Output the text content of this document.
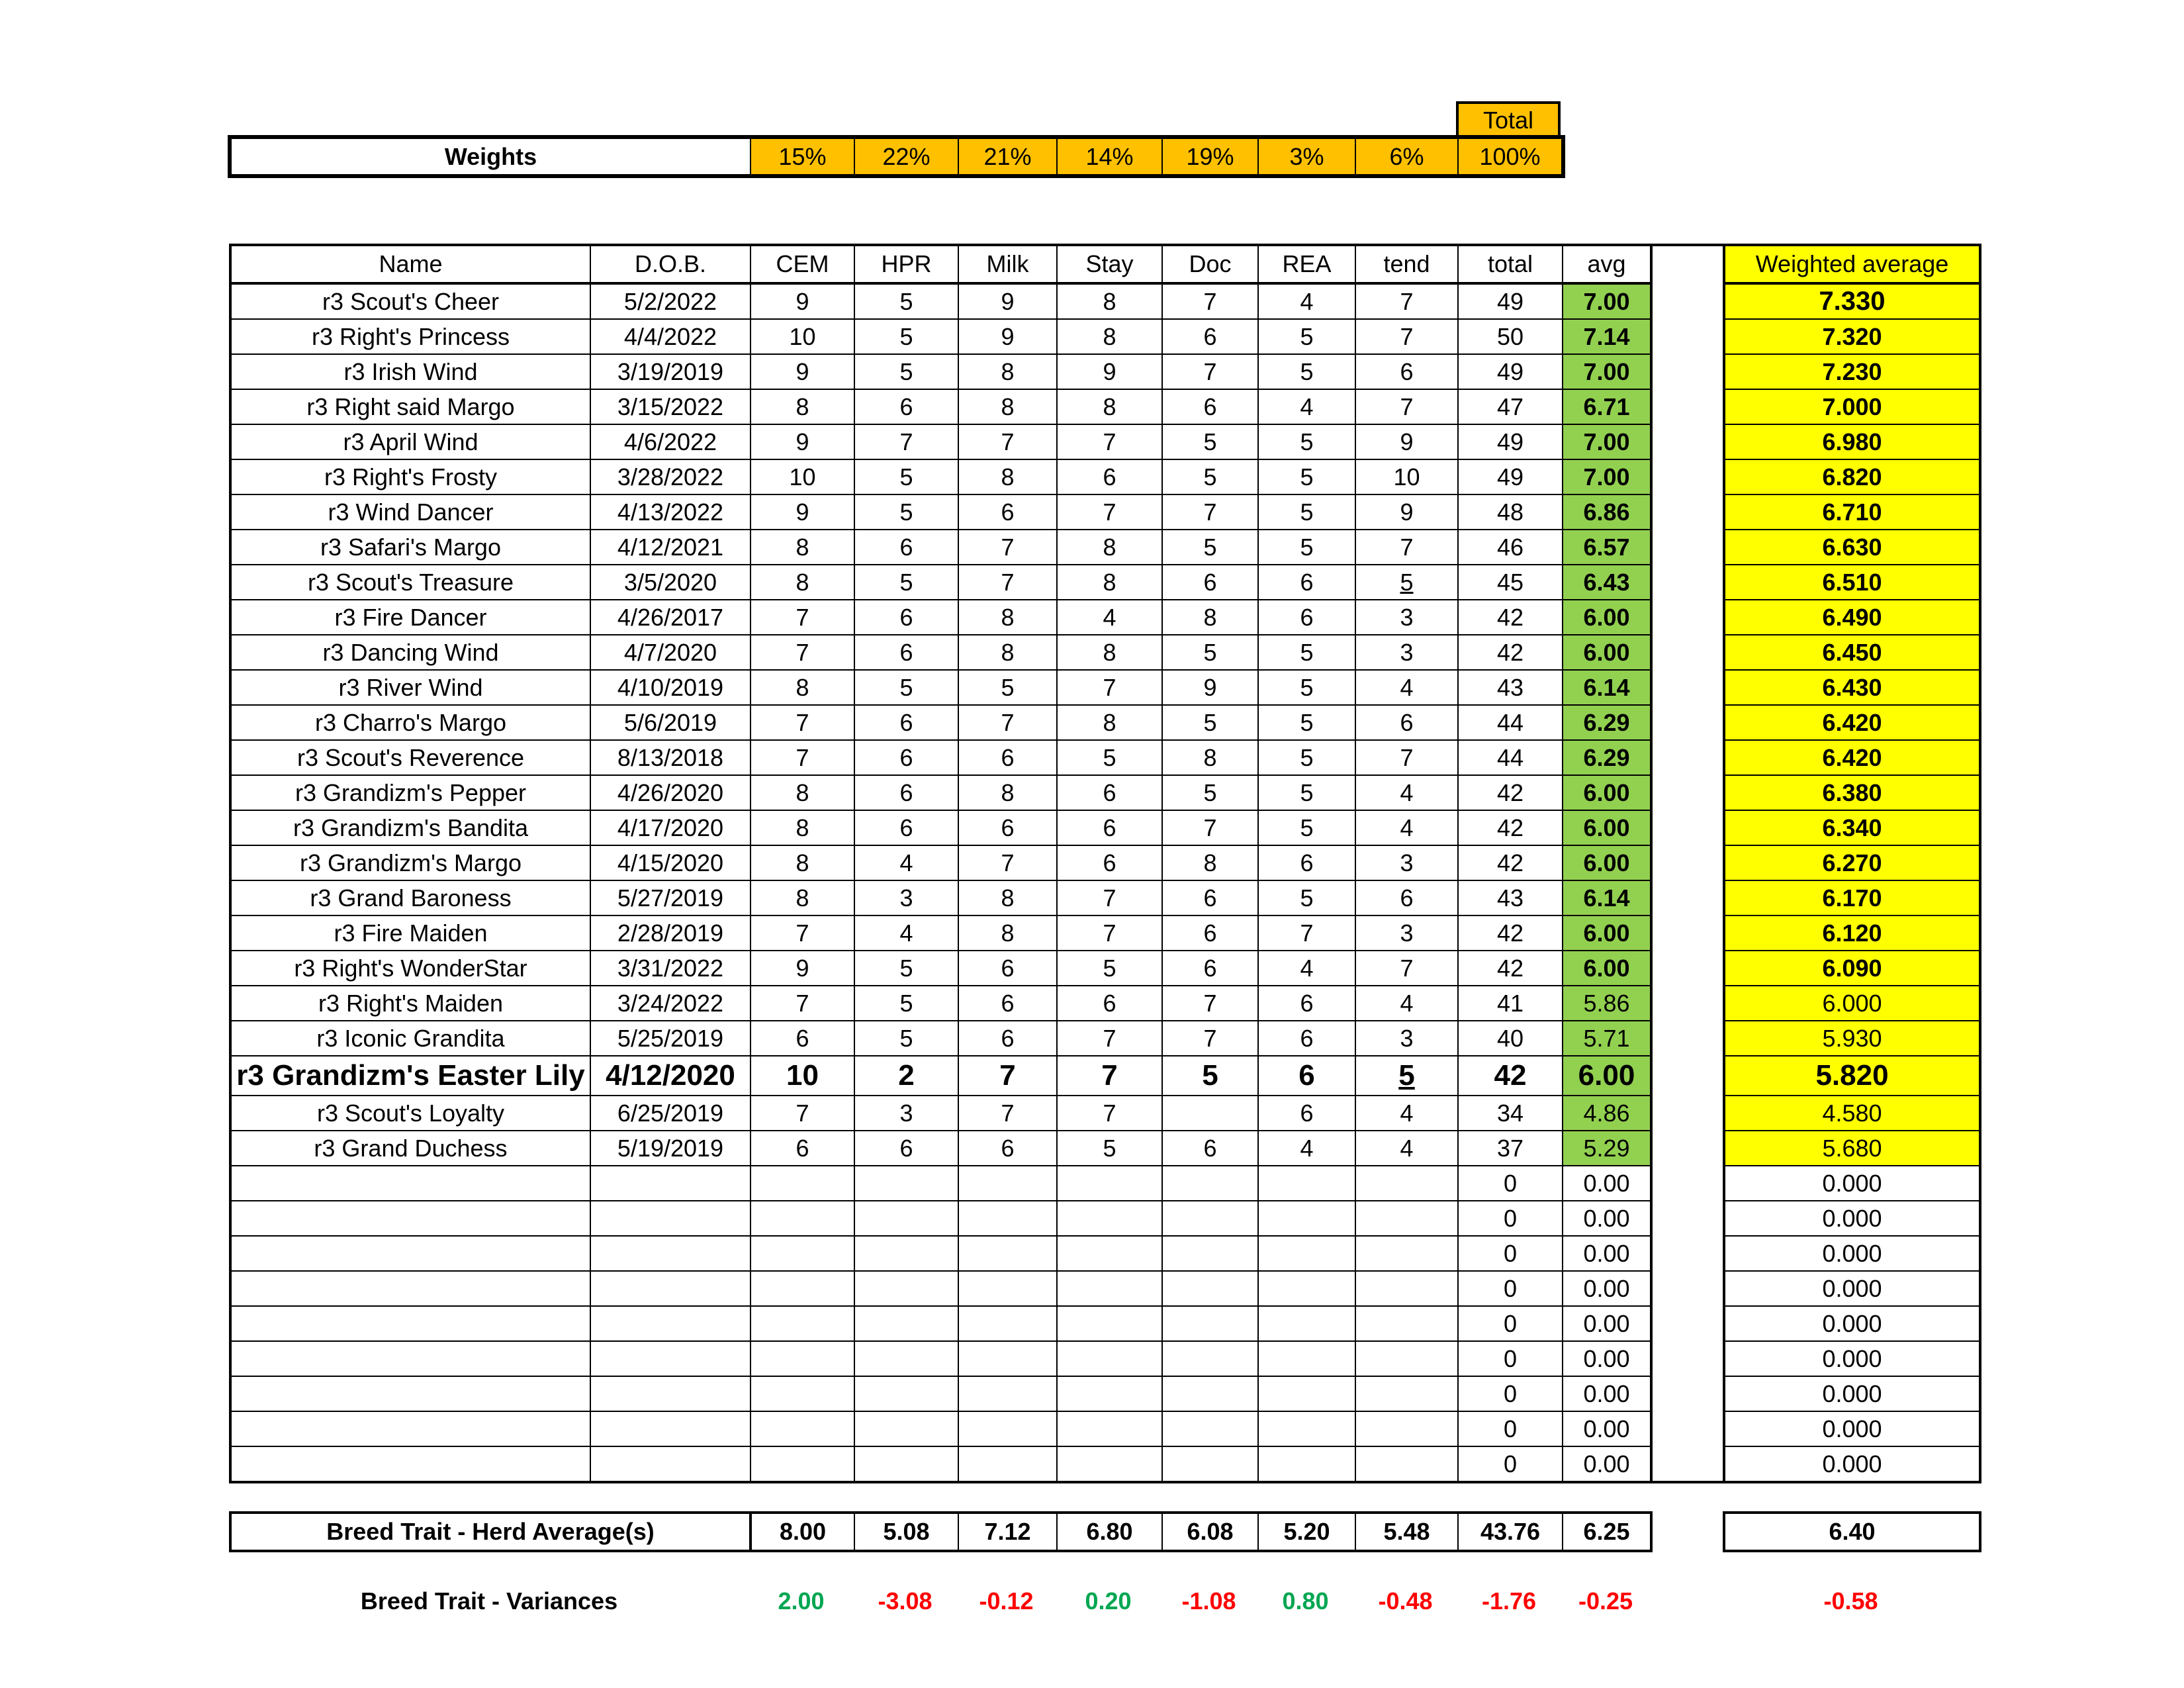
Total
Weights	15%	22%	21%	14%	19%	3%	6%	100%
Name	D.O.B.	CEM	HPR	Milk	Stay	Doc	REA	tend	total	avg		Weighted average
r3 Scout's Cheer	5/2/2022	9	5	9	8	7	4	7	49	7.00		7.330
r3 Right's Princess	4/4/2022	10	5	9	8	6	5	7	50	7.14		7.320
r3 Irish Wind	3/19/2019	9	5	8	9	7	5	6	49	7.00		7.230
r3 Right said Margo	3/15/2022	8	6	8	8	6	4	7	47	6.71		7.000
r3 April Wind	4/6/2022	9	7	7	7	5	5	9	49	7.00		6.980
r3 Right's Frosty	3/28/2022	10	5	8	6	5	5	10	49	7.00		6.820
r3 Wind Dancer	4/13/2022	9	5	6	7	7	5	9	48	6.86		6.710
r3 Safari's Margo	4/12/2021	8	6	7	8	5	5	7	46	6.57		6.630
r3 Scout's Treasure	3/5/2020	8	5	7	8	6	6	5	45	6.43		6.510
r3 Fire Dancer	4/26/2017	7	6	8	4	8	6	3	42	6.00		6.490
r3 Dancing Wind	4/7/2020	7	6	8	8	5	5	3	42	6.00		6.450
r3 River Wind	4/10/2019	8	5	5	7	9	5	4	43	6.14		6.430
r3 Charro's Margo	5/6/2019	7	6	7	8	5	5	6	44	6.29		6.420
r3 Scout's Reverence	8/13/2018	7	6	6	5	8	5	7	44	6.29		6.420
r3 Grandizm's Pepper	4/26/2020	8	6	8	6	5	5	4	42	6.00		6.380
r3 Grandizm's Bandita	4/17/2020	8	6	6	6	7	5	4	42	6.00		6.340
r3 Grandizm's Margo	4/15/2020	8	4	7	6	8	6	3	42	6.00		6.270
r3 Grand Baroness	5/27/2019	8	3	8	7	6	5	6	43	6.14		6.170
r3 Fire Maiden	2/28/2019	7	4	8	7	6	7	3	42	6.00		6.120
r3 Right's WonderStar	3/31/2022	9	5	6	5	6	4	7	42	6.00		6.090
r3 Right's Maiden	3/24/2022	7	5	6	6	7	6	4	41	5.86		6.000
r3 Iconic Grandita	5/25/2019	6	5	6	7	7	6	3	40	5.71		5.930
r3 Grandizm's Easter Lily	4/12/2020	10	2	7	7	5	6	5	42	6.00		5.820
r3 Scout's Loyalty	6/25/2019	7	3	7	7		6	4	34	4.86		4.580
r3 Grand Duchess	5/19/2019	6	6	6	5	6	4	4	37	5.29		5.680
									0	0.00		0.000
									0	0.00		0.000
									0	0.00		0.000
									0	0.00		0.000
									0	0.00		0.000
									0	0.00		0.000
									0	0.00		0.000
									0	0.00		0.000
									0	0.00		0.000
Breed Trait - Herd Average(s)	8.00	5.08	7.12	6.80	6.08	5.20	5.48	43.76	6.25		6.40
Breed Trait - Variances	2.00	-3.08	-0.12	0.20	-1.08	0.80	-0.48	-1.76	-0.25		-0.58
